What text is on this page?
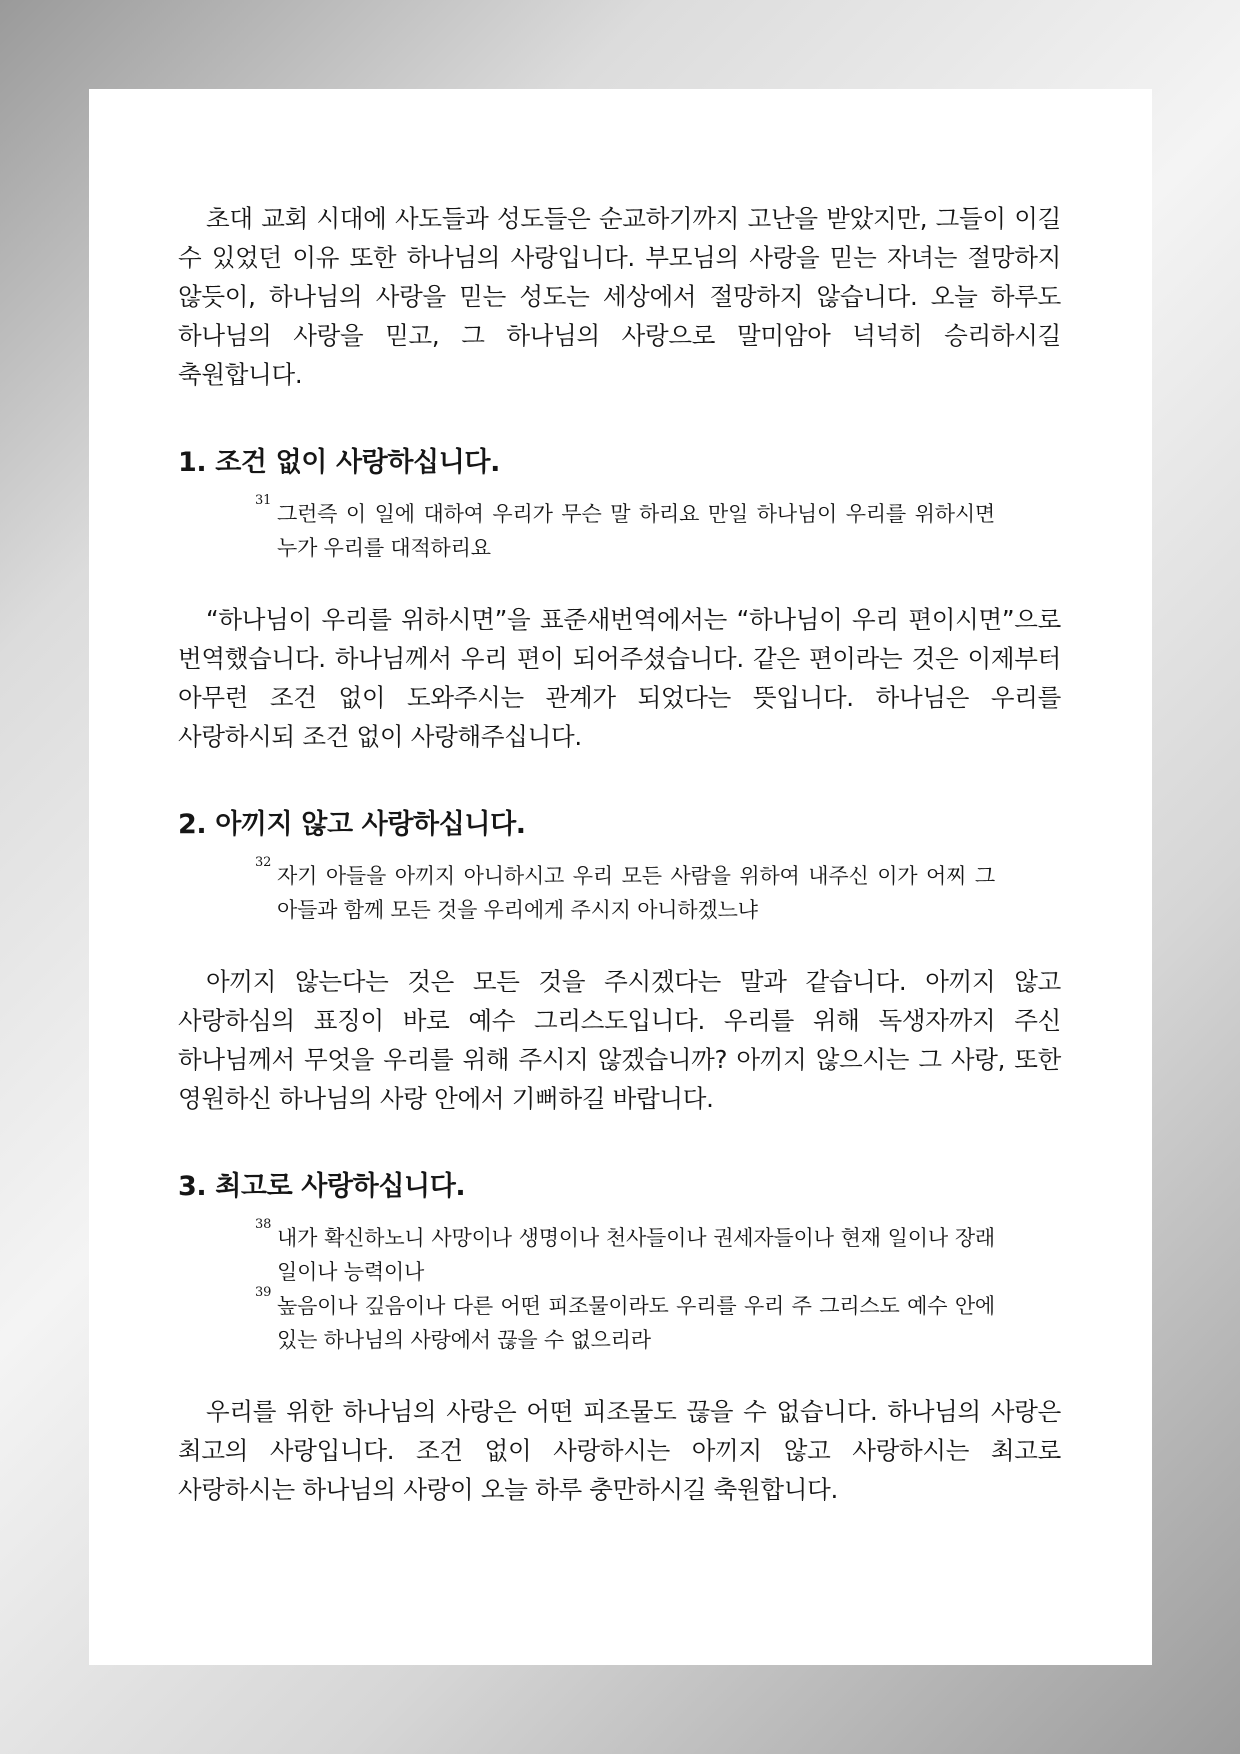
초대 교회 시대에 사도들과 성도들은 순교하기까지 고난을 받았지만, 그들이 이길 수 있었던 이유 또한 하나님의 사랑입니다. 부모님의 사랑을 믿는 자녀는 절망하지 않듯이, 하나님의 사랑을 믿는 성도는 세상에서 절망하지 않습니다. 오늘 하루도 하나님의 사랑을 믿고, 그 하나님의 사랑으로 말미암아 넉넉히 승리하시길 축원합니다.

1. 조건 없이 사랑하십니다.
31
그런즉 이 일에 대하여 우리가 무슨 말 하리요 만일 하나님이 우리를 위하시면 누가 우리를 대적하리요

“하나님이 우리를 위하시면”을 표준새번역에서는 “하나님이 우리 편이시면”으로 번역했습니다. 하나님께서 우리 편이 되어주셨습니다. 같은 편이라는 것은 이제부터 아무런 조건 없이 도와주시는 관계가 되었다는 뜻입니다. 하나님은 우리를 사랑하시되 조건 없이 사랑해주십니다.

2. 아끼지 않고 사랑하십니다.
32
자기 아들을 아끼지 아니하시고 우리 모든 사람을 위하여 내주신 이가 어찌 그 아들과 함께 모든 것을 우리에게 주시지 아니하겠느냐

아끼지 않는다는 것은 모든 것을 주시겠다는 말과 같습니다. 아끼지 않고 사랑하심의 표징이 바로 예수 그리스도입니다. 우리를 위해 독생자까지 주신 하나님께서 무엇을 우리를 위해 주시지 않겠습니까? 아끼지 않으시는 그 사랑, 또한 영원하신 하나님의 사랑 안에서 기뻐하길 바랍니다.

3. 최고로 사랑하십니다.
38
내가 확신하노니 사망이나 생명이나 천사들이나 권세자들이나 현재 일이나 장래 일이나 능력이나
39
높음이나 깊음이나 다른 어떤 피조물이라도 우리를 우리 주 그리스도 예수 안에 있는 하나님의 사랑에서 끊을 수 없으리라

우리를 위한 하나님의 사랑은 어떤 피조물도 끊을 수 없습니다. 하나님의 사랑은 최고의 사랑입니다. 조건 없이 사랑하시는 아끼지 않고 사랑하시는 최고로 사랑하시는 하나님의 사랑이 오늘 하루 충만하시길 축원합니다.
